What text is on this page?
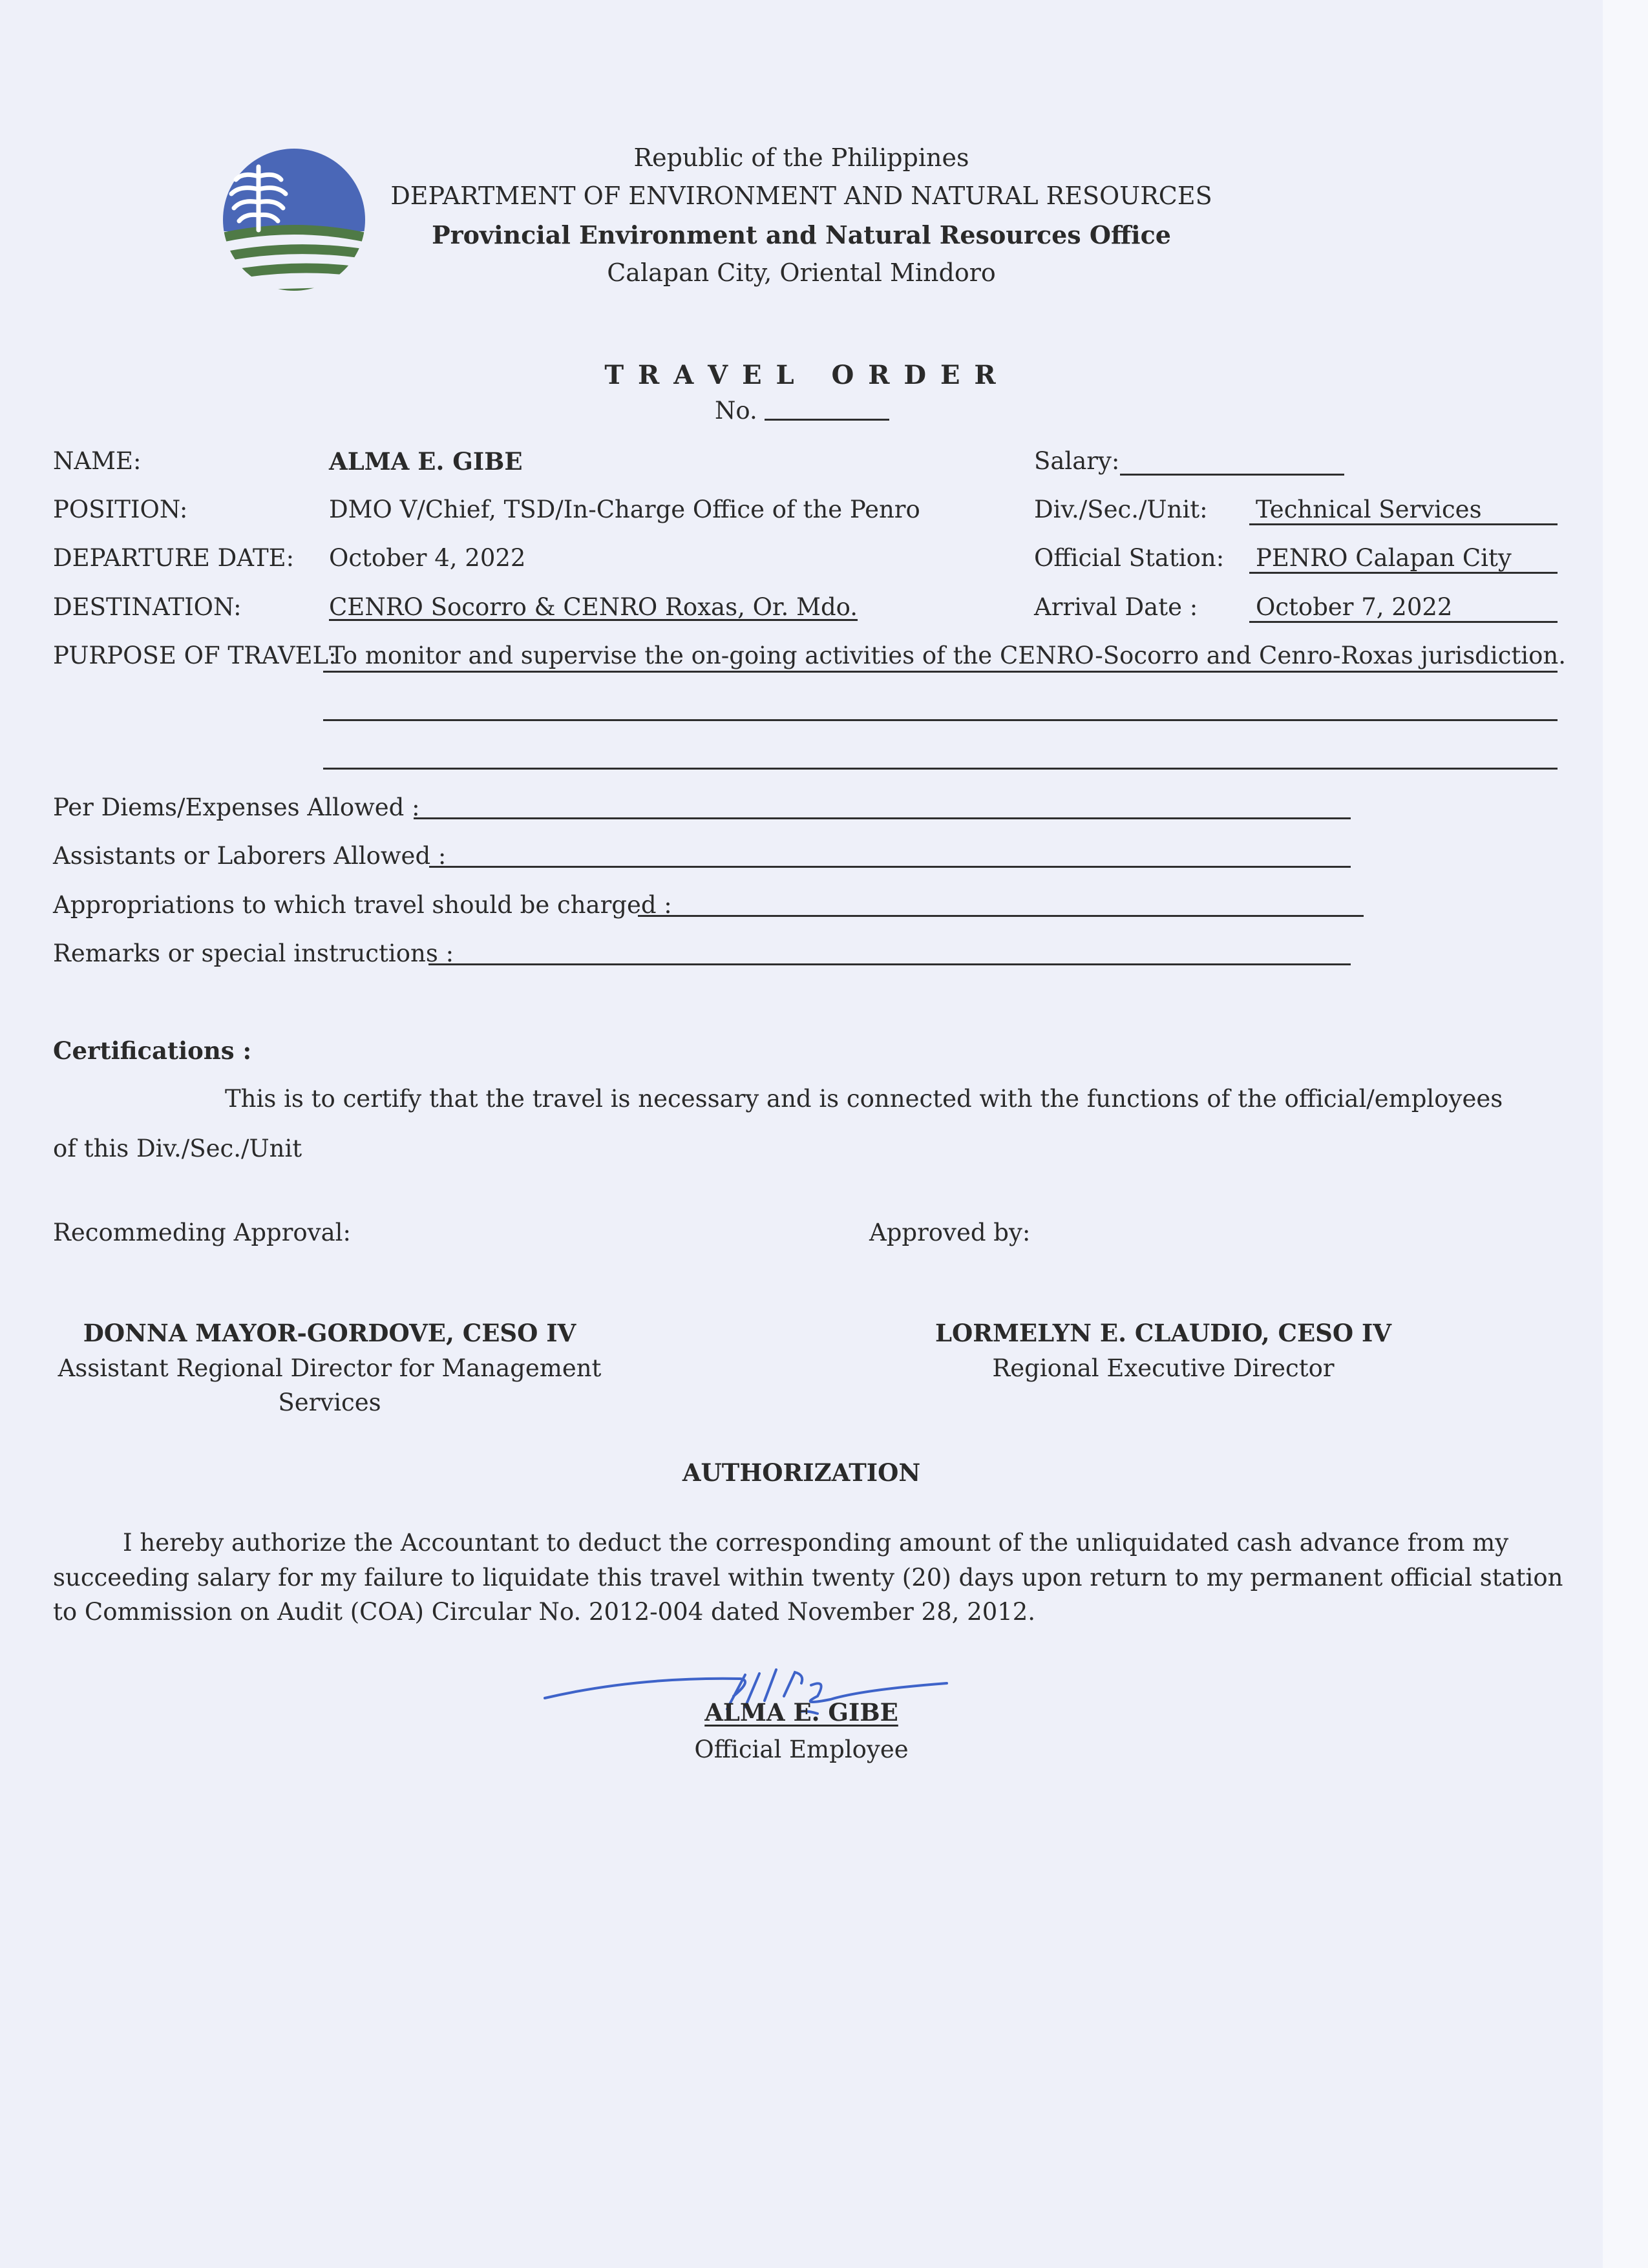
Republic of the Philippines
DEPARTMENT OF ENVIRONMENT AND NATURAL RESOURCES
Provincial Environment and Natural Resources Office
Calapan City, Oriental Mindoro
T R A V E L   O R D E R
No.
NAME:
POSITION:
DEPARTURE DATE:
DESTINATION:
PURPOSE OF TRAVEL:
ALMA E. GIBE
DMO V/Chief, TSD/In-Charge Office of the Penro
October 4, 2022
CENRO Socorro & CENRO Roxas, Or. Mdo.
To monitor and supervise the on-going activities of the CENRO-Socorro and Cenro-Roxas jurisdiction.
Salary:
Div./Sec./Unit: Technical Services
Official Station: PENRO Calapan City
Arrival Date : October 7, 2022
Per Diems/Expenses Allowed :
Assistants or Laborers Allowed :
Appropriations to which travel should be charged :
Remarks or special instructions :
Certifications :
This is to certify that the travel is necessary and is connected with the functions of the official/employees
of this Div./Sec./Unit
Recommeding Approval:	Approved by:
DONNA MAYOR-GORDOVE, CESO IV
Assistant Regional Director for Management
Services
LORMELYN E. CLAUDIO, CESO IV
Regional Executive Director
AUTHORIZATION
I hereby authorize the Accountant to deduct the corresponding amount of the unliquidated cash advance from my
succeeding salary for my failure to liquidate this travel within twenty (20) days upon return to my permanent official station
to Commission on Audit (COA) Circular No. 2012-004 dated November 28, 2012.
ALMA E. GIBE
Official Employee
